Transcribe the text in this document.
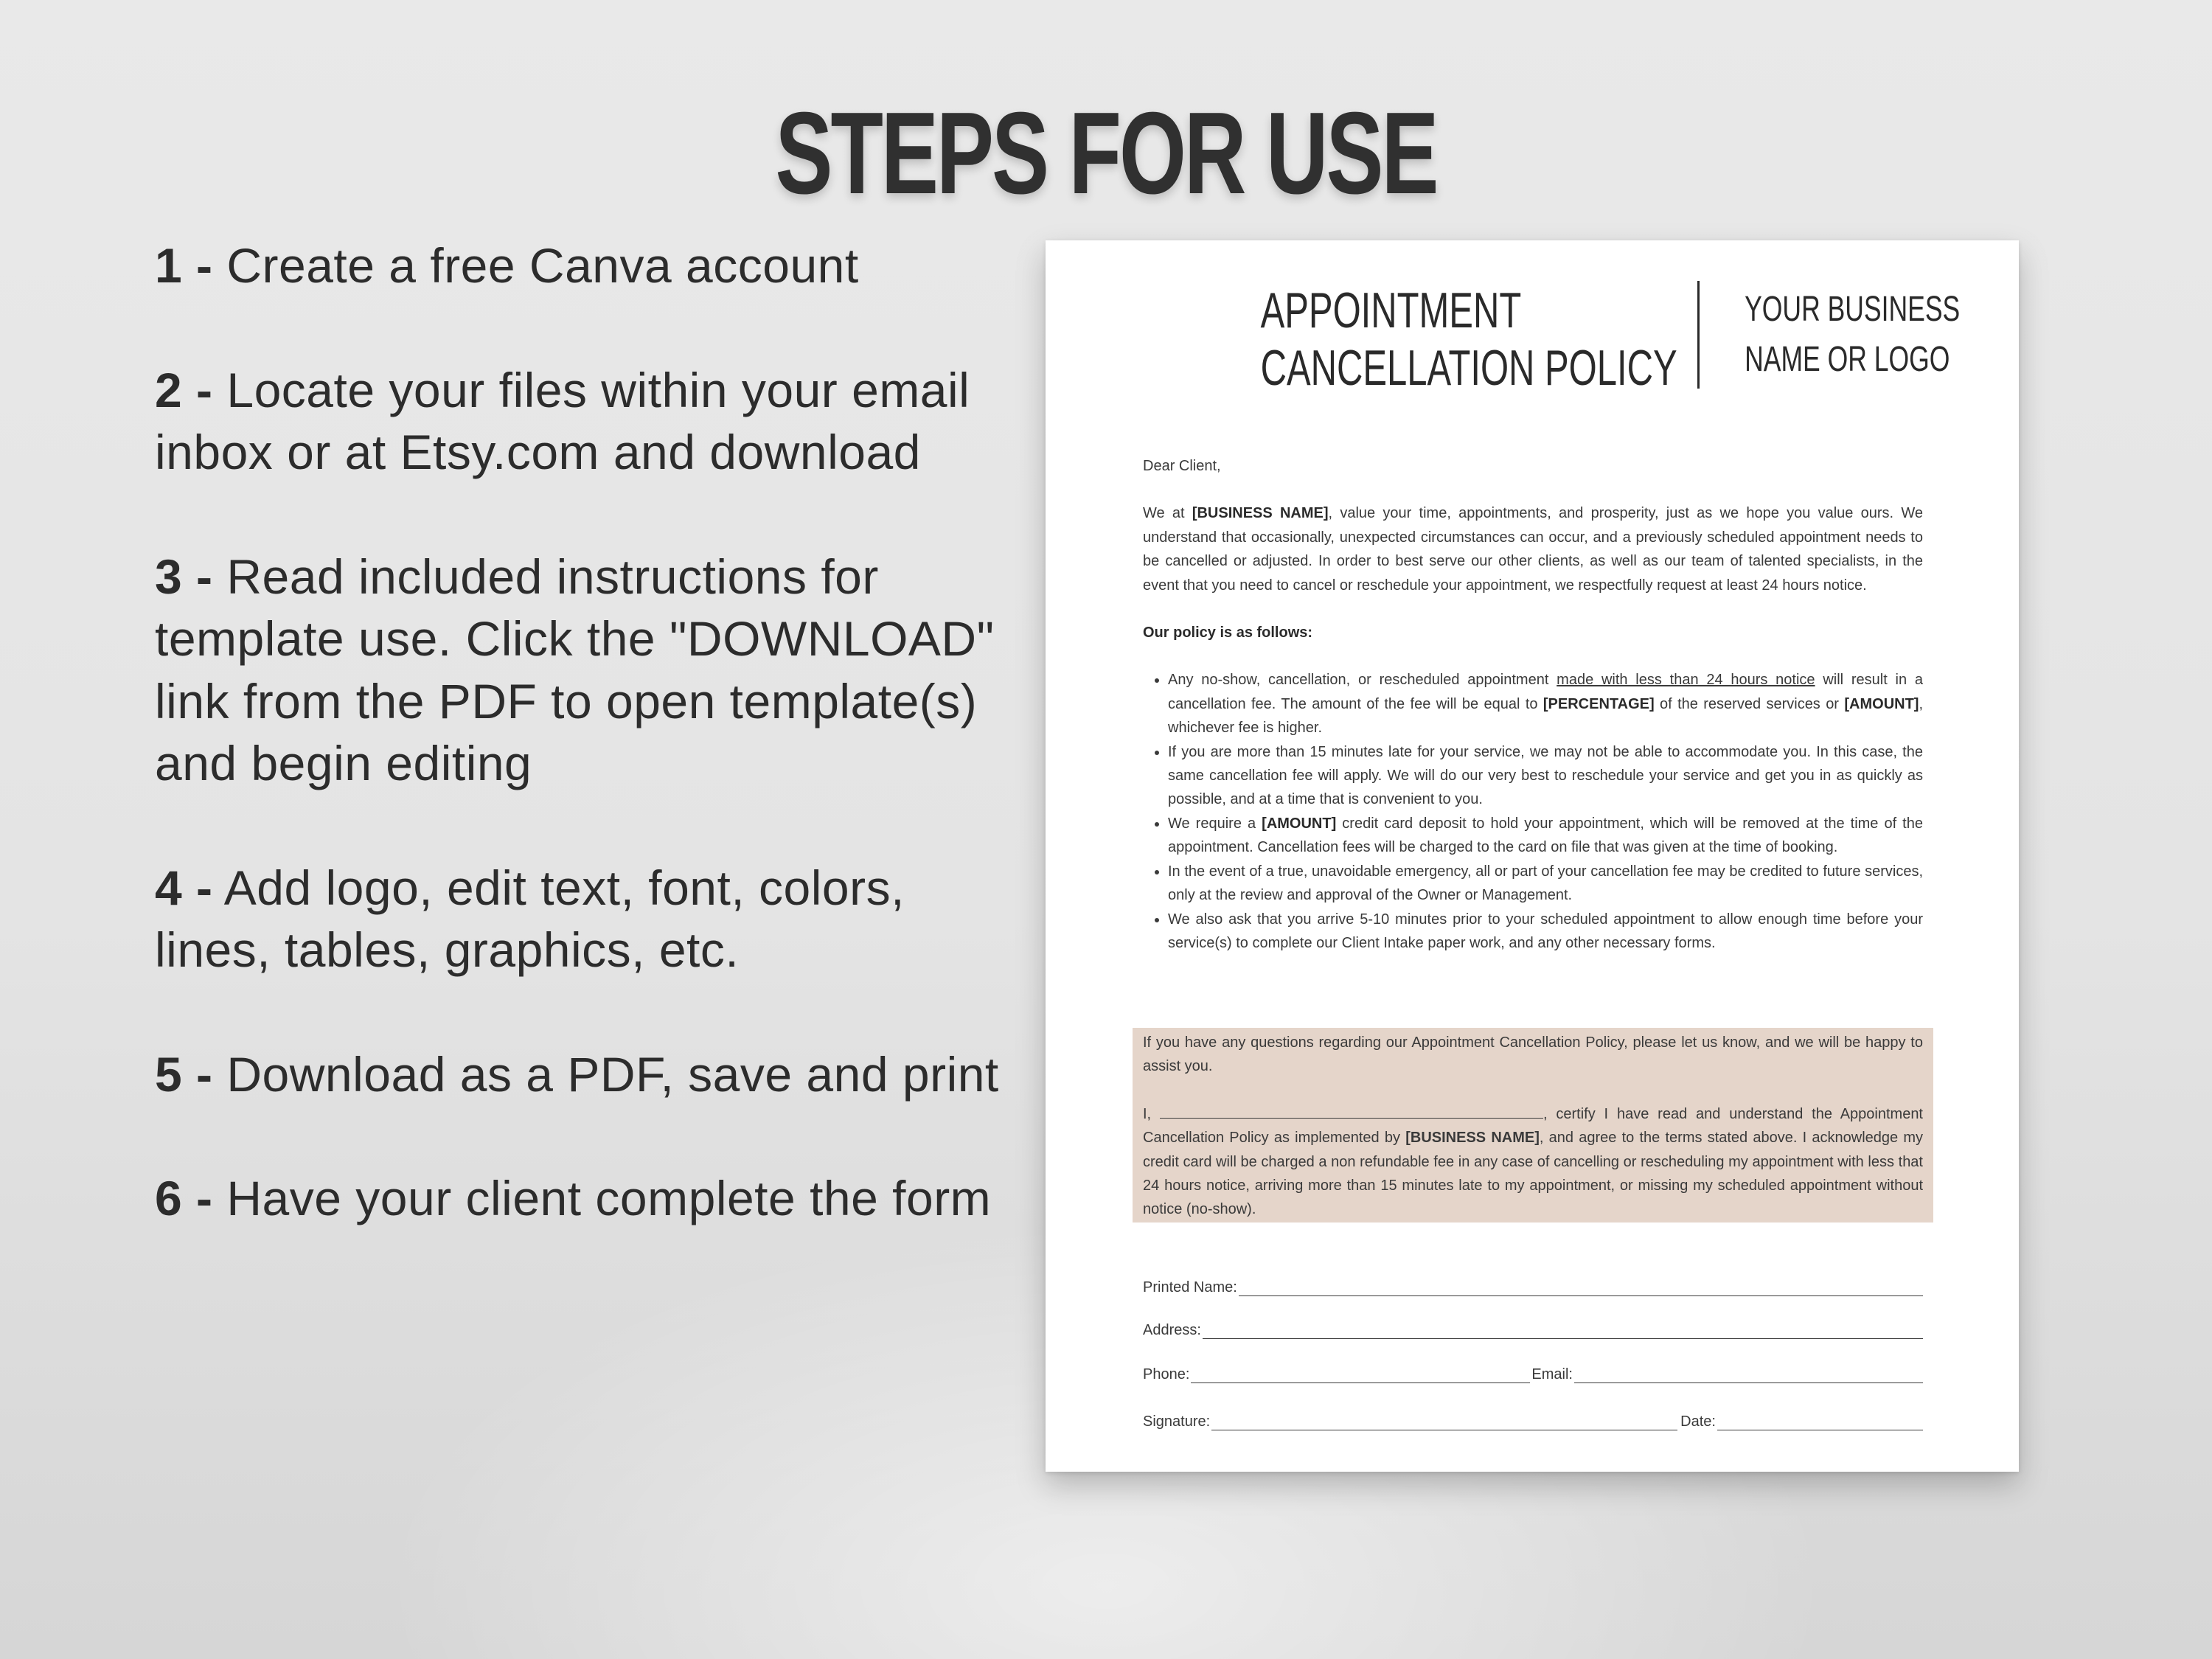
STEPS FOR USE
1 - Create a free Canva account
2 - Locate your files within your email inbox or at Etsy.com and download
3 - Read included instructions for template use. Click the "DOWNLOAD" link from the PDF to open template(s) and begin editing
4 - Add logo, edit text, font, colors, lines, tables, graphics, etc.
5 - Download as a PDF, save and print
6 - Have your client complete the form
APPOINTMENT
CANCELLATION POLICY
YOUR BUSINESS
NAME OR LOGO

Dear Client,

We at [BUSINESS NAME], value your time, appointments, and prosperity, just as we hope you value ours. We understand that occasionally, unexpected circumstances can occur, and a previously scheduled appointment needs to be cancelled or adjusted. In order to best serve our other clients, as well as our team of talented specialists, in the event that you need to cancel or reschedule your appointment, we respectfully request at least 24 hours notice.

Our policy is as follows:

• Any no-show, cancellation, or rescheduled appointment made with less than 24 hours notice will result in a cancellation fee. The amount of the fee will be equal to [PERCENTAGE] of the reserved services or [AMOUNT], whichever fee is higher.
• If you are more than 15 minutes late for your service, we may not be able to accommodate you. In this case, the same cancellation fee will apply. We will do our very best to reschedule your service and get you in as quickly as possible, and at a time that is convenient to you.
• We require a [AMOUNT] credit card deposit to hold your appointment, which will be removed at the time of the appointment. Cancellation fees will be charged to the card on file that was given at the time of booking.
• In the event of a true, unavoidable emergency, all or part of your cancellation fee may be credited to future services, only at the review and approval of the Owner or Management.
• We also ask that you arrive 5-10 minutes prior to your scheduled appointment to allow enough time before your service(s) to complete our Client Intake paper work, and any other necessary forms.

If you have any questions regarding our Appointment Cancellation Policy, please let us know, and we will be happy to assist you.

I,	, certify I have read and understand the Appointment Cancellation Policy as implemented by [BUSINESS NAME], and agree to the terms stated above. I acknowledge my credit card will be charged a non refundable fee in any case of cancelling or rescheduling my appointment with less that 24 hours notice, arriving more than 15 minutes late to my appointment, or missing my scheduled appointment without notice (no-show).

Printed Name:
Address:
Phone:	Email:
Signature:	Date:
